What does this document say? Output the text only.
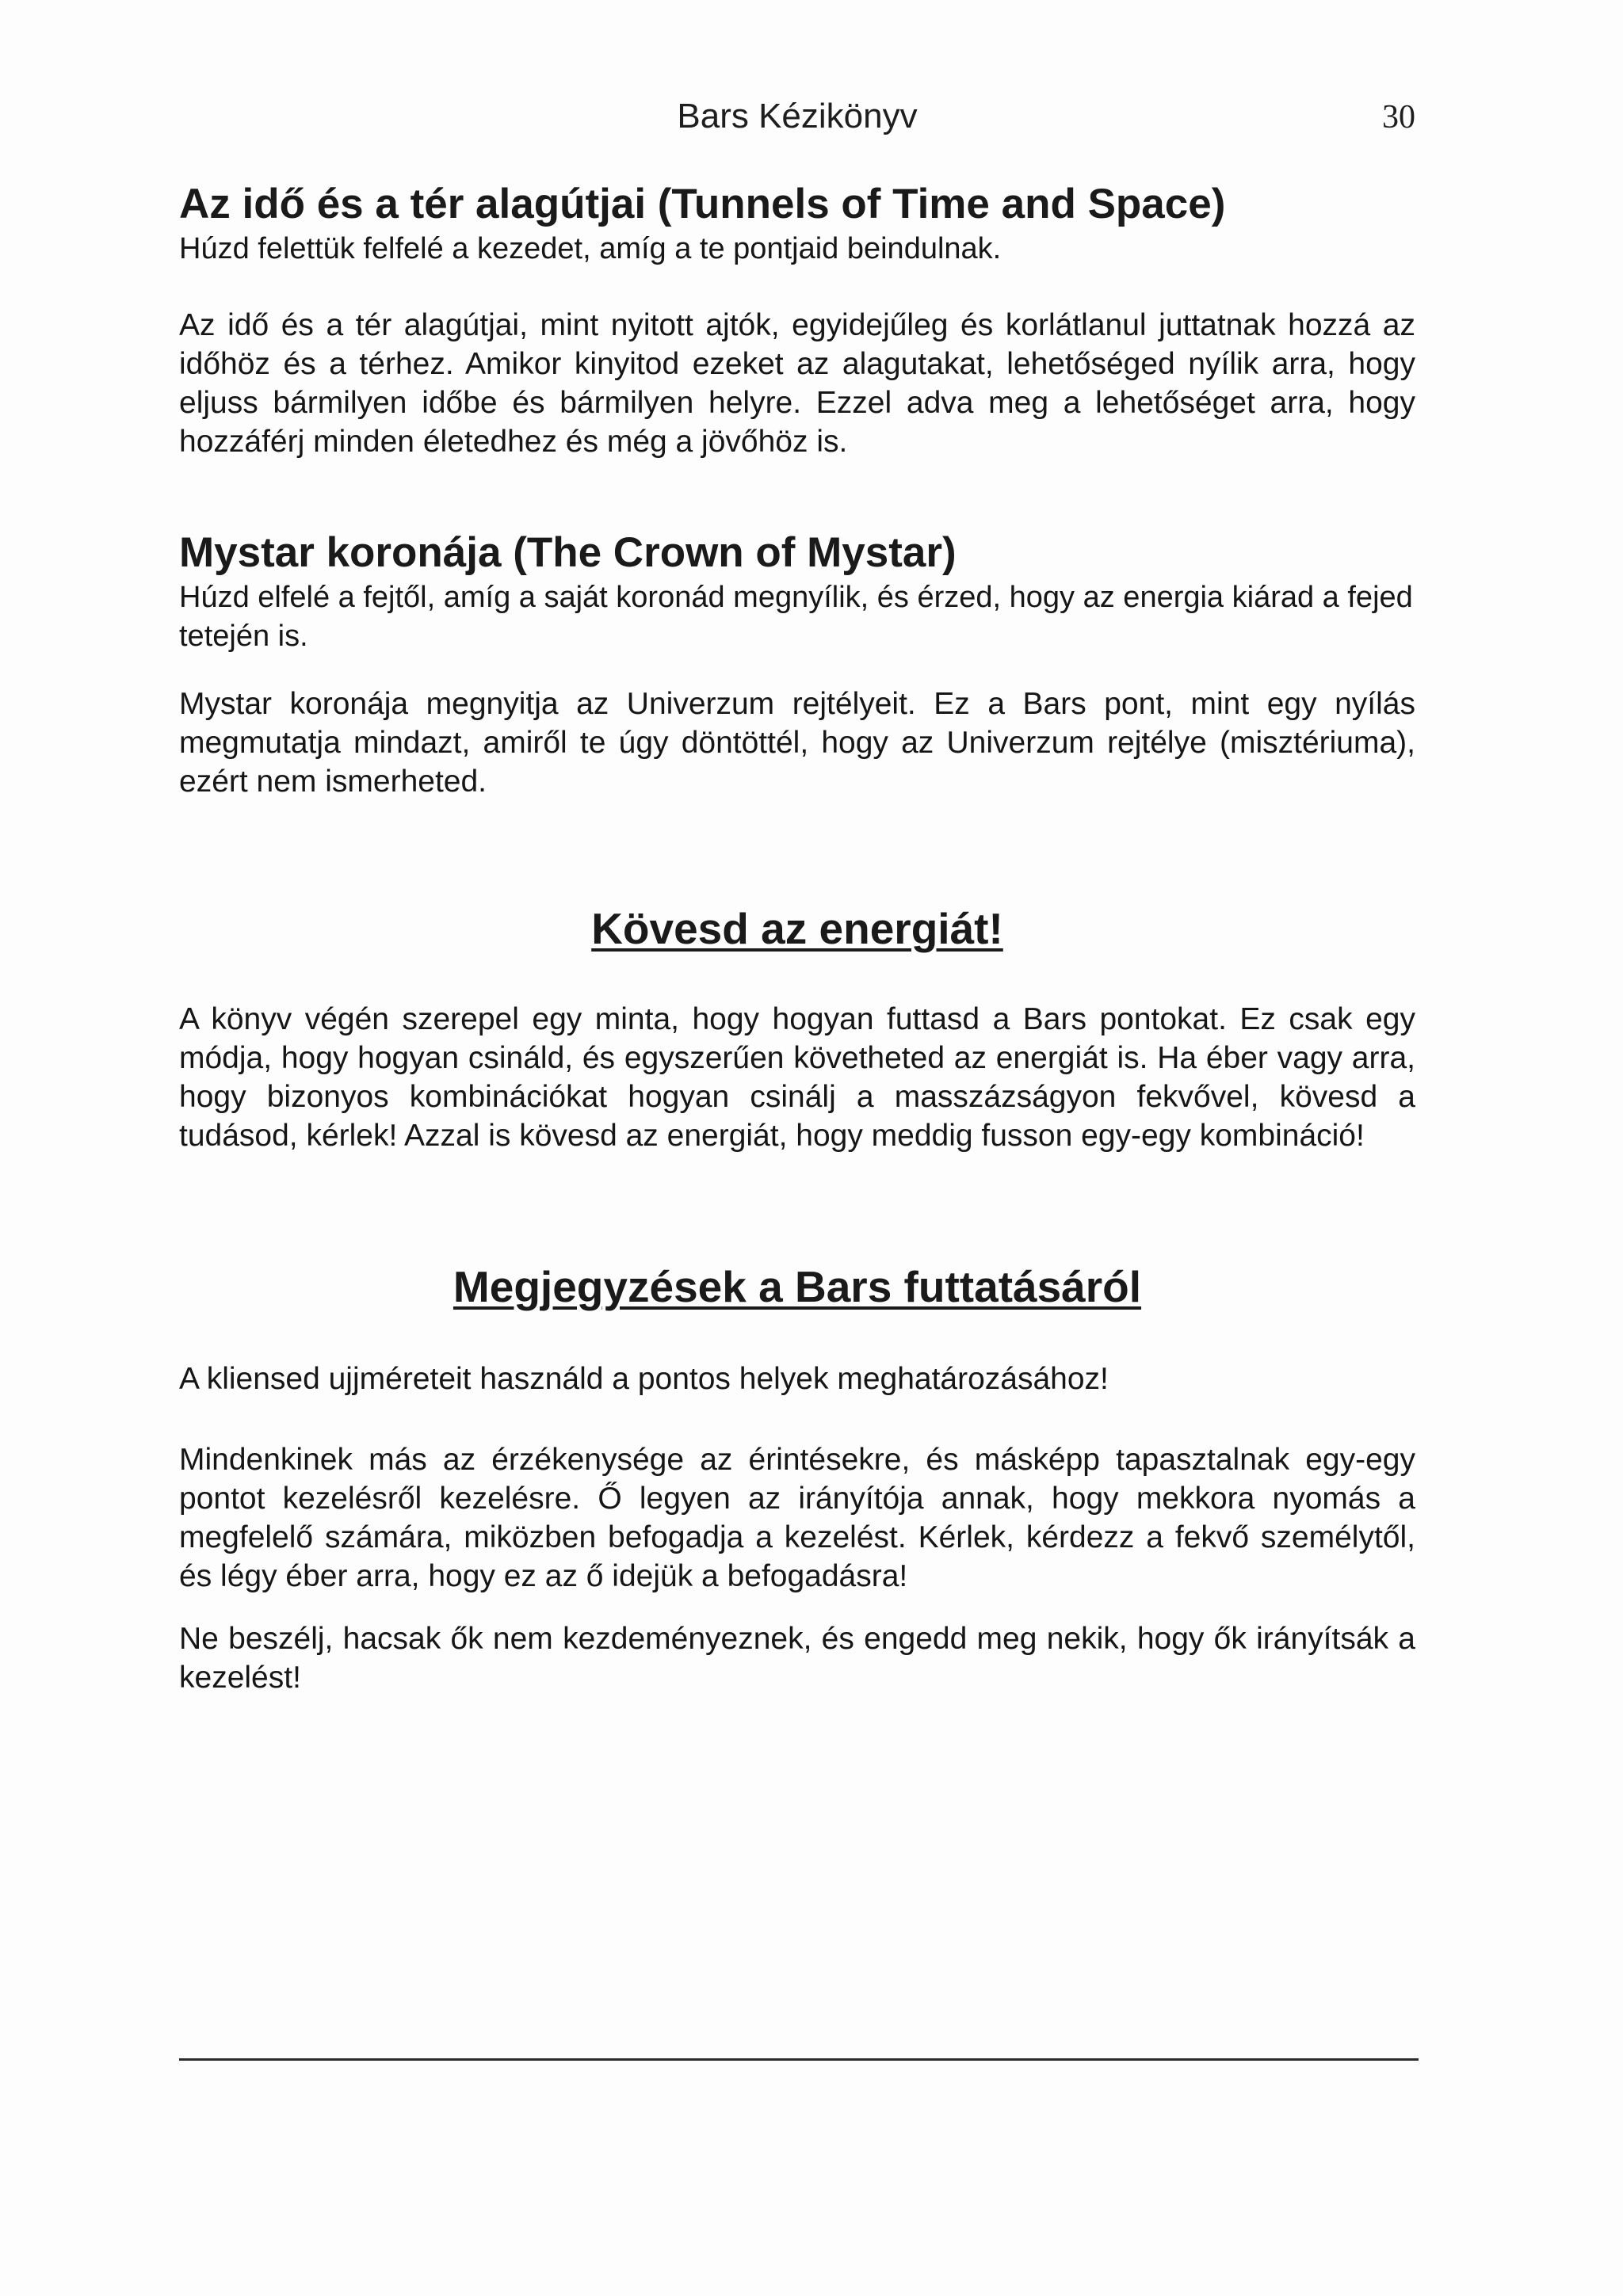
Bars Kézikönyv	30
Az idő és a tér alagútjai (Tunnels of Time and Space)

Húzd felettük felfelé a kezedet, amíg a te pontjaid beindulnak.

Az idő és a tér alagútjai, mint nyitott ajtók, egyidejűleg és korlátlanul juttatnak hozzá az időhöz és a térhez. Amikor kinyitod ezeket az alagutakat, lehetőséged nyílik arra, hogy eljuss bármilyen időbe és bármilyen helyre. Ezzel adva meg a lehetőséget arra, hogy hozzáférj minden életedhez és még a jövőhöz is.

Mystar koronája (The Crown of Mystar)

Húzd elfelé a fejtől, amíg a saját koronád megnyílik, és érzed, hogy az energia kiárad a fejed tetején is.

Mystar koronája megnyitja az Univerzum rejtélyeit. Ez a Bars pont, mint egy nyílás megmutatja mindazt, amiről te úgy döntöttél, hogy az Univerzum rejtélye (misztériuma), ezért nem ismerheted.

Kövesd az energiát!

A könyv végén szerepel egy minta, hogy hogyan futtasd a Bars pontokat. Ez csak egy módja, hogy hogyan csináld, és egyszerűen követheted az energiát is. Ha éber vagy arra, hogy bizonyos kombinációkat hogyan csinálj a masszázságyon fekvővel, kövesd a tudásod, kérlek! Azzal is kövesd az energiát, hogy meddig fusson egy-egy kombináció!

Megjegyzések a Bars futtatásáról

A kliensed ujjméreteit használd a pontos helyek meghatározásához!

Mindenkinek más az érzékenysége az érintésekre, és másképp tapasztalnak egy-egy pontot kezelésről kezelésre. Ő legyen az irányítója annak, hogy mekkora nyomás a megfelelő számára, miközben befogadja a kezelést. Kérlek, kérdezz a fekvő személytől, és légy éber arra, hogy ez az ő idejük a befogadásra!

Ne beszélj, hacsak ők nem kezdeményeznek, és engedd meg nekik, hogy ők irányítsák a kezelést!
